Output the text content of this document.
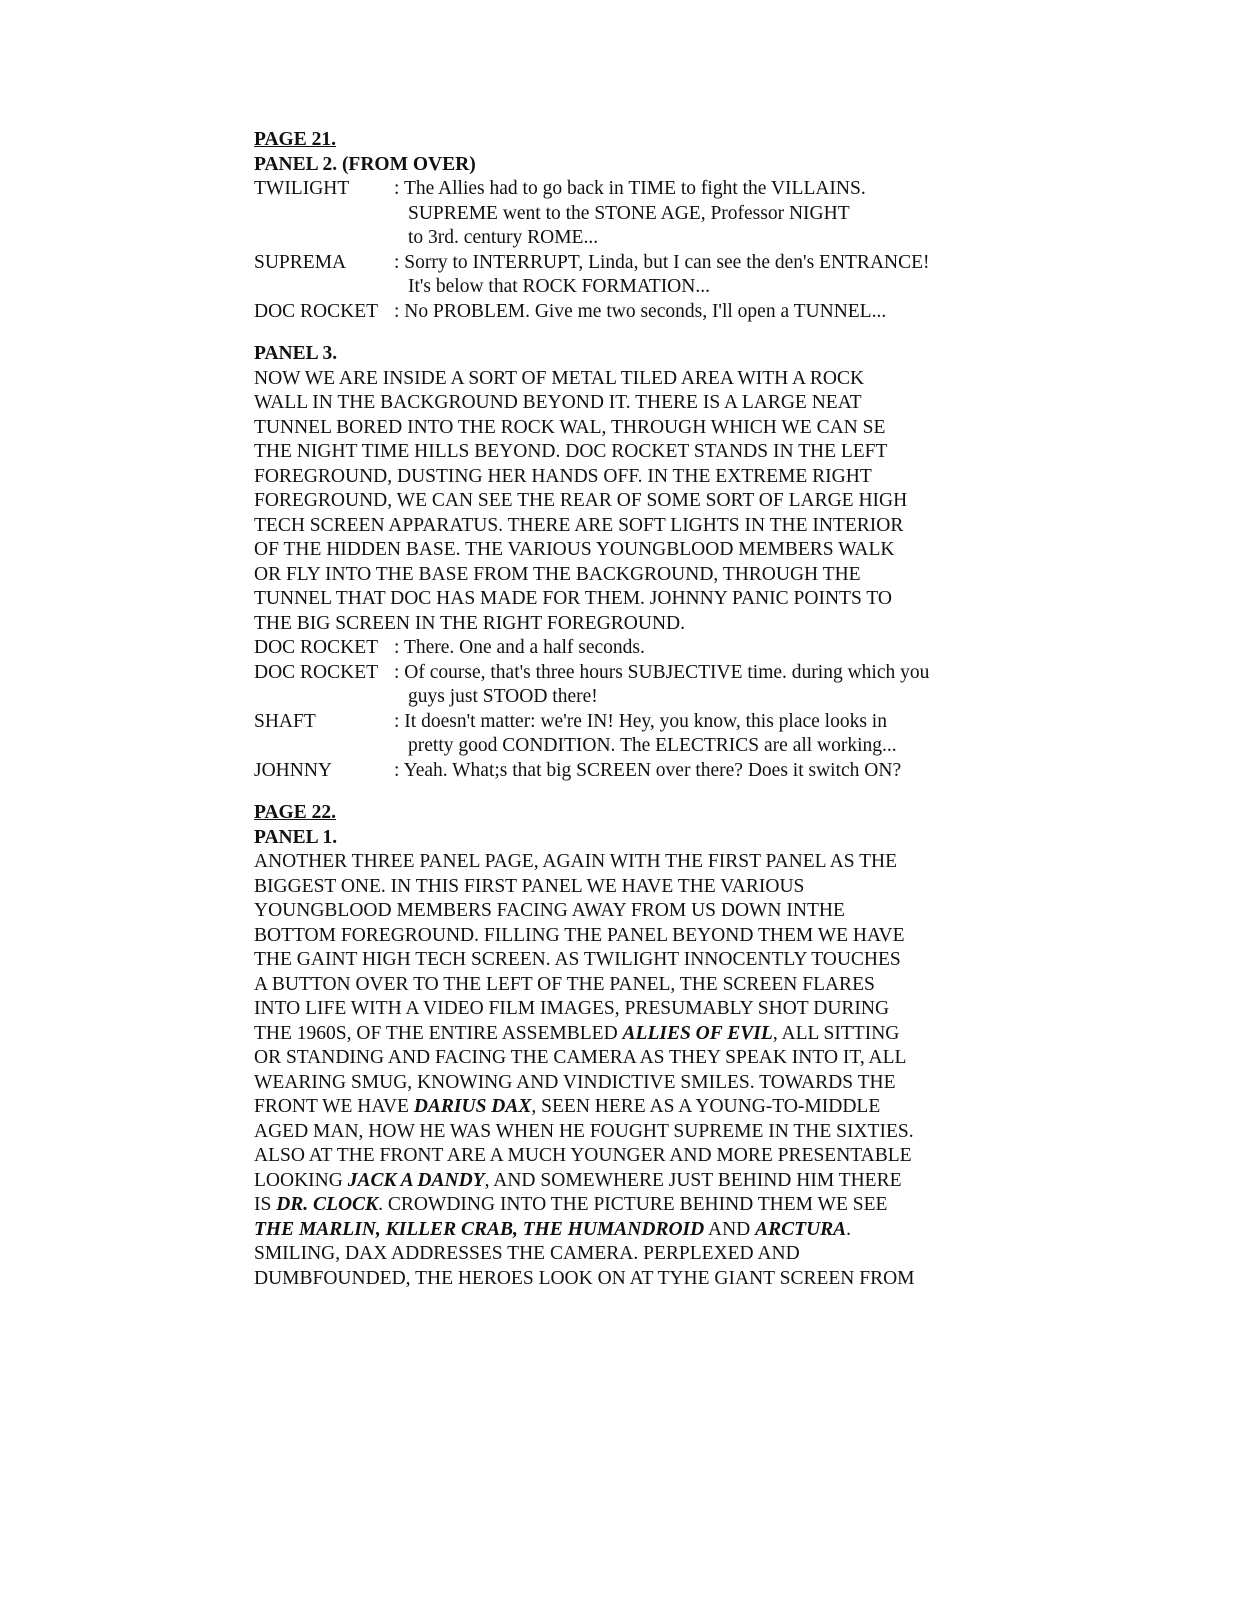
PAGE 21.
PANEL 2. (FROM OVER)
TWILIGHT	: The Allies had to go back in TIME to fight the VILLAINS.
SUPREME went to the STONE AGE, Professor NIGHT
to 3rd. century ROME...
SUPREMA	: Sorry to INTERRUPT, Linda, but I can see the den's ENTRANCE!
It's below that ROCK FORMATION...
DOC ROCKET : No PROBLEM. Give me two seconds, I'll open a TUNNEL...
PANEL 3.
NOW WE ARE INSIDE A SORT OF METAL TILED AREA WITH A ROCK
WALL IN THE BACKGROUND BEYOND IT. THERE IS A LARGE NEAT
TUNNEL BORED INTO THE ROCK WAL, THROUGH WHICH WE CAN SE
THE NIGHT TIME HILLS BEYOND. DOC ROCKET STANDS IN THE LEFT
FOREGROUND, DUSTING HER HANDS OFF. IN THE EXTREME RIGHT
FOREGROUND, WE CAN SEE THE REAR OF SOME SORT OF LARGE HIGH
TECH SCREEN APPARATUS. THERE ARE SOFT LIGHTS IN THE INTERIOR
OF THE HIDDEN BASE. THE VARIOUS YOUNGBLOOD MEMBERS WALK
OR FLY INTO THE BASE FROM THE BACKGROUND, THROUGH THE
TUNNEL THAT DOC HAS MADE FOR THEM. JOHNNY PANIC POINTS TO
THE BIG SCREEN IN THE RIGHT FOREGROUND.
DOC ROCKET : There. One and a half seconds.
DOC ROCKET : Of course, that's three hours SUBJECTIVE time. during which you
guys just STOOD there!
SHAFT	: It doesn't matter: we're IN! Hey, you know, this place looks in
pretty good CONDITION. The ELECTRICS are all working...
JOHNNY	: Yeah. What;s that big SCREEN over there? Does it switch ON?
PAGE 22.
PANEL 1.
ANOTHER THREE PANEL PAGE, AGAIN WITH THE FIRST PANEL AS THE
BIGGEST ONE. IN THIS FIRST PANEL WE HAVE THE VARIOUS
YOUNGBLOOD MEMBERS FACING AWAY FROM US DOWN INTHE
BOTTOM FOREGROUND. FILLING THE PANEL BEYOND THEM WE HAVE
THE GAINT HIGH TECH SCREEN. AS TWILIGHT INNOCENTLY TOUCHES
A BUTTON OVER TO THE LEFT OF THE PANEL, THE SCREEN FLARES
INTO LIFE WITH A VIDEO FILM IMAGES, PRESUMABLY SHOT DURING
THE 1960S, OF THE ENTIRE ASSEMBLED ALLIES OF EVIL, ALL SITTING
OR STANDING AND FACING THE CAMERA AS THEY SPEAK INTO IT, ALL
WEARING SMUG, KNOWING AND VINDICTIVE SMILES. TOWARDS THE
FRONT WE HAVE DARIUS DAX, SEEN HERE AS A YOUNG-TO-MIDDLE
AGED MAN, HOW HE WAS WHEN HE FOUGHT SUPREME IN THE SIXTIES.
ALSO AT THE FRONT ARE A MUCH YOUNGER AND MORE PRESENTABLE
LOOKING JACK A DANDY, AND SOMEWHERE JUST BEHIND HIM THERE
IS DR. CLOCK. CROWDING INTO THE PICTURE BEHIND THEM WE SEE
THE MARLIN, KILLER CRAB, THE HUMANDROID AND ARCTURA.
SMILING, DAX ADDRESSES THE CAMERA. PERPLEXED AND
DUMBFOUNDED, THE HEROES LOOK ON AT TYHE GIANT SCREEN FROM
